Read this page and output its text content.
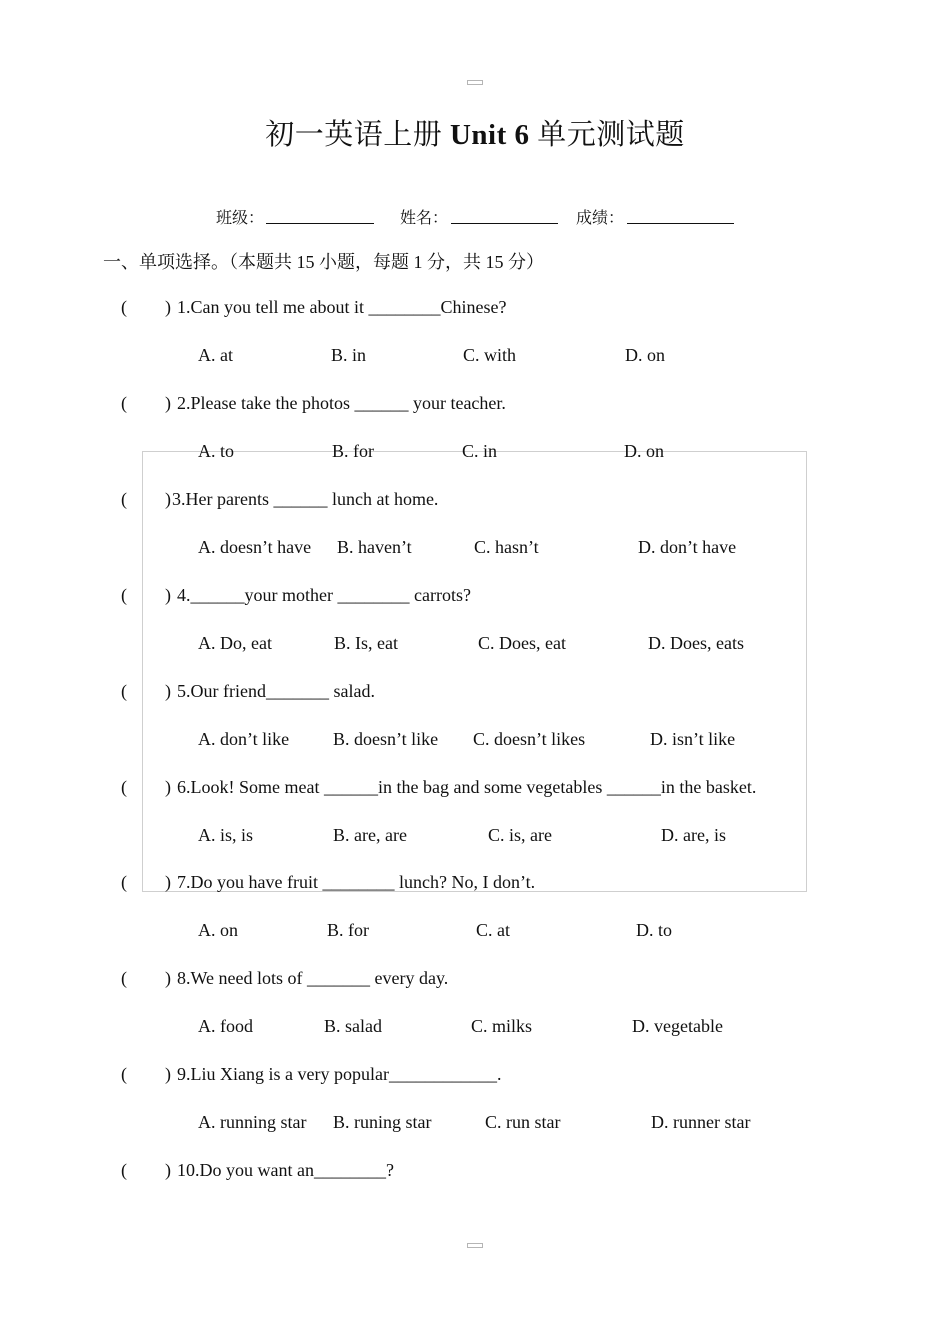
初一英语上册 Unit 6 单元测试题
班级：	姓名：	成绩：
一、单项选择。（本题共 15 小题，每题 1 分，共 15 分）
( ) 1.Can you tell me about it ________Chinese?
A. at	B. in	C. with	D. on
( ) 2.Please take the photos ______ your teacher.
A. to	B. for	C. in	D. on
( ) 3.Her parents ______ lunch at home.
A. doesn’t have B. haven’t	C. hasn’t	D. don’t have
( ) 4.______your mother ________ carrots?
A. Do, eat	B. Is, eat	C. Does, eat	D. Does, eats
( ) 5.Our friend_______ salad.
A. don’t like B. doesn’t like C. doesn’t likes	D. isn’t like
( ) 6.Look! Some meat ______in the bag and some vegetables ______in the basket.
A. is, is	B. are, are	C. is, are	D. are, is
( ) 7.Do you have fruit ________ lunch? No, I don’t.
A. on	B. for	C. at	D. to
( ) 8.We need lots of _______ every day.
A. food	B. salad	C. milks	D. vegetable
( ) 9.Liu Xiang is a very popular____________.
A. running star B. runing star	C. run star	D. runner star
( ) 10.Do you want an________?
